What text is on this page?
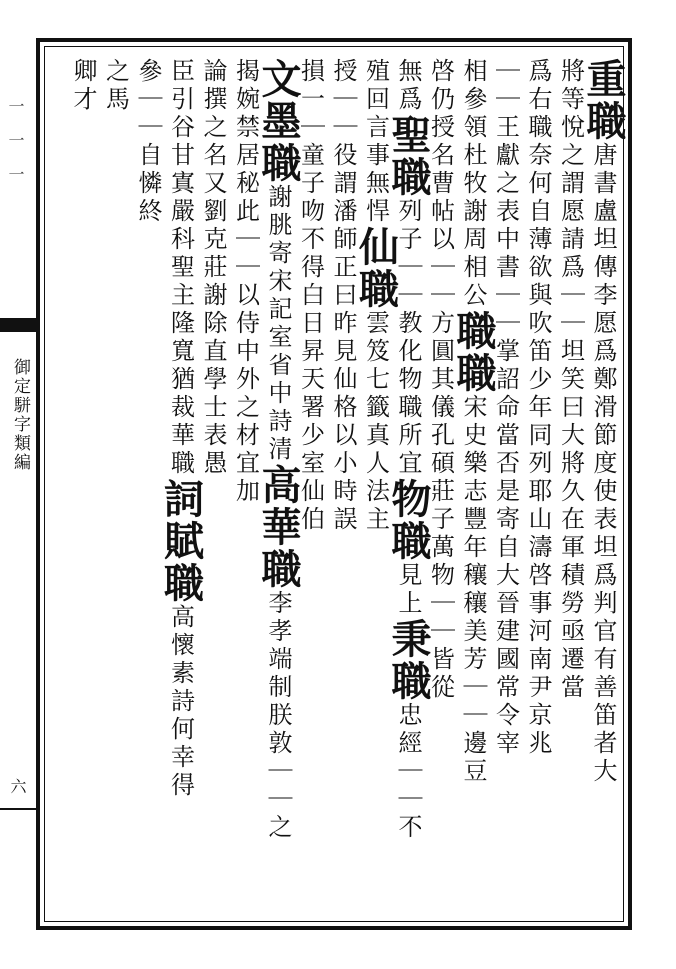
一一一
御定駢字類編
六
重職唐書盧坦傳李愿爲鄭滑節度使表坦爲判官有善笛者大
將等悅之謂愿請爲｜｜坦笑曰大將久在軍積勞亟遷當
爲右職奈何自薄欲與吹笛少年同列耶山濤啓事河南尹京兆
｜｜王獻之表中書｜｜掌詔命當否是寄自大晉建國常令宰
相參領杜牧謝周相公職職宋史樂志豐年穰穰美芳｜｜邊豆
啓仍授名曹帖以｜｜方圓其儀孔碩莊子萬物｜｜皆從
無爲聖職列子｜｜教化物職所宜物職見上秉職忠經｜｜不
殖回言事無悍仙職雲笈七籤真人法主
授｜｜役謂潘師正曰昨見仙格以小時誤
損一｜童子吻不得白日昇天署少室仙伯
文墨職謝朓寄宋記室省中詩清高華職李孝端制朕敦｜｜之
揭婉禁居秘此｜｜以侍中外之材宜加
論撰之名又劉克莊謝除直學士表愚
臣引谷甘寘嚴科聖主隆寬猶裁華職詞賦職高懷素詩何幸得
參｜｜自憐終
之馬
卿才
